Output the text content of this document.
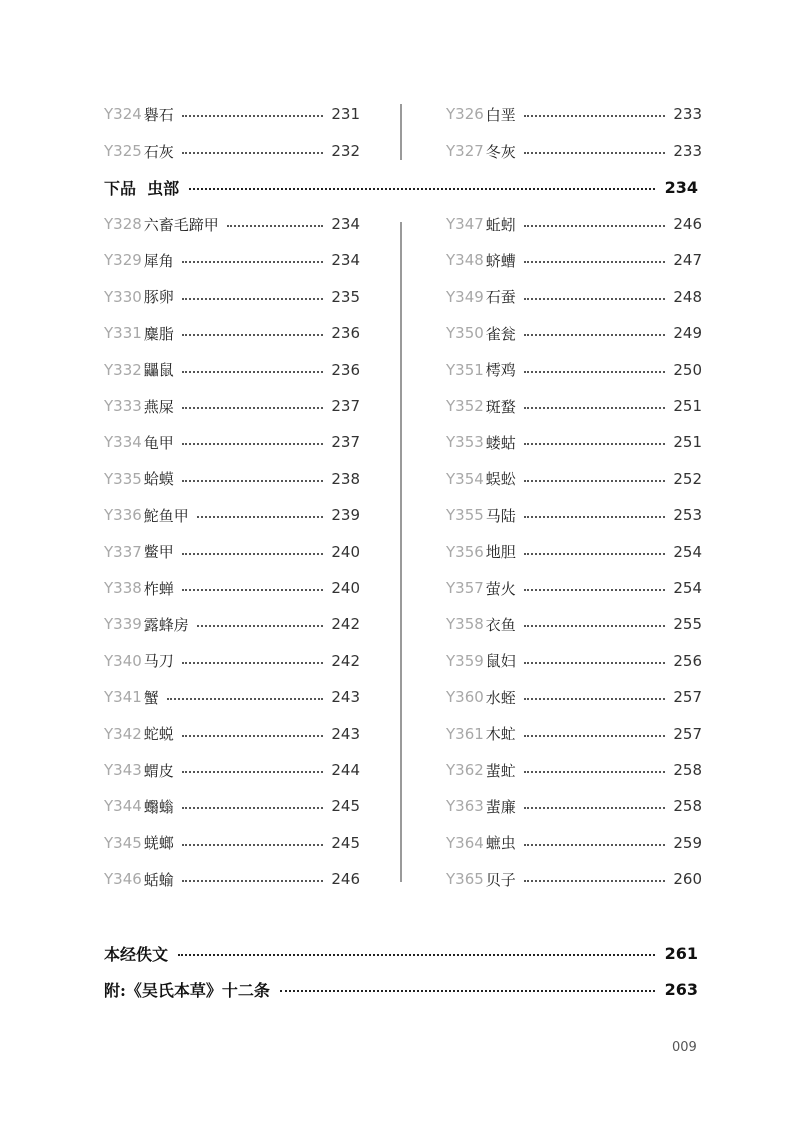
Y324 礜石	231
Y325 石灰	232
Y326 白垩	233
Y327 冬灰	233
下品  虫部	234
Y328 六畜毛蹄甲	234
Y329 犀角	234
Y330 豚卵	235
Y331 麋脂	236
Y332 鼺鼠	236
Y333 燕屎	237
Y334 龟甲	237
Y335 蛤蟆	238
Y336 鮀鱼甲	239
Y337 鳖甲	240
Y338 柞蝉	240
Y339 露蜂房	242
Y340 马刀	242
Y341 蟹	243
Y342 蛇蜕	243
Y343 蝟皮	244
Y344 蠮螉	245
Y345 蜣螂	245
Y346 蛞蝓	246
Y347 蚯蚓	246
Y348 蛴螬	247
Y349 石蚕	248
Y350 雀瓮	249
Y351 樗鸡	250
Y352 斑蝥	251
Y353 蝼蛄	251
Y354 蜈蚣	252
Y355 马陆	253
Y356 地胆	254
Y357 萤火	254
Y358 衣鱼	255
Y359 鼠妇	256
Y360 水蛭	257
Y361 木虻	257
Y362 蜚虻	258
Y363 蜚廉	258
Y364 蟅虫	259
Y365 贝子	260
本经佚文	261
附:《吴氏本草》十二条	263
009
